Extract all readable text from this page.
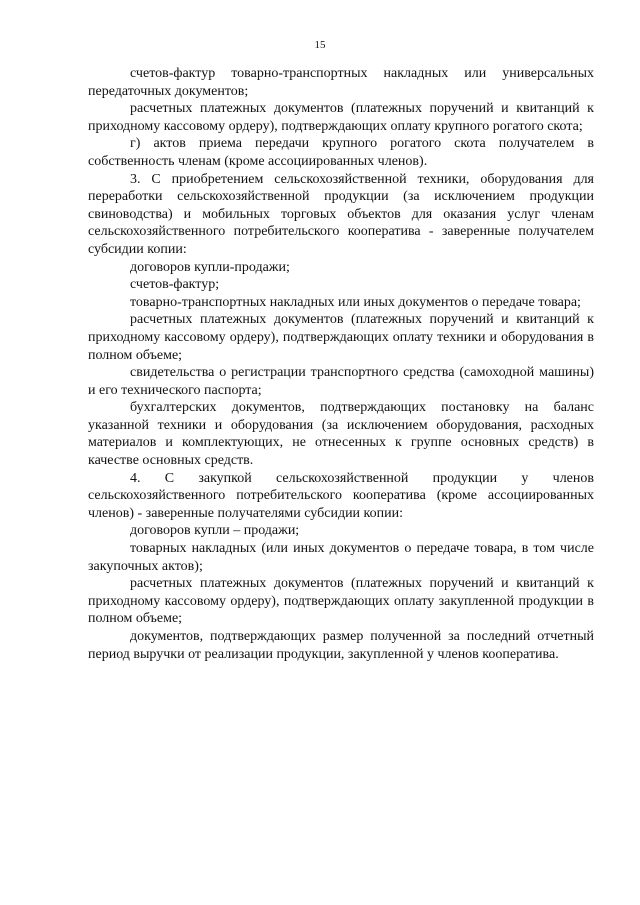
15

счетов-фактур товарно-транспортных накладных или универсальных передаточных документов;

расчетных платежных документов (платежных поручений и квитанций к приходному кассовому ордеру), подтверждающих оплату крупного рогатого скота;

г) актов приема передачи крупного рогатого скота получателем в собственность членам (кроме ассоциированных членов).

3. С приобретением сельскохозяйственной техники, оборудования для переработки сельскохозяйственной продукции (за исключением продукции свиноводства) и мобильных торговых объектов для оказания услуг членам сельскохозяйственного потребительского кооператива - заверенные получателем субсидии копии:

договоров купли-продажи;

счетов-фактур;

товарно-транспортных накладных или иных документов о передаче товара;

расчетных платежных документов (платежных поручений и квитанций к приходному кассовому ордеру), подтверждающих оплату техники и оборудования в полном объеме;

свидетельства о регистрации транспортного средства (самоходной машины) и его технического паспорта;

бухгалтерских документов, подтверждающих постановку на баланс указанной техники и оборудования (за исключением оборудования, расходных материалов и комплектующих, не отнесенных к группе основных средств) в качестве основных средств.

4. С закупкой сельскохозяйственной продукции у членов сельскохозяйственного потребительского кооператива (кроме ассоциированных членов) - заверенные получателями субсидии копии:

договоров купли – продажи;

товарных накладных (или иных документов о передаче товара, в том числе закупочных актов);

расчетных платежных документов (платежных поручений и квитанций к приходному кассовому ордеру), подтверждающих оплату закупленной продукции в полном объеме;

документов, подтверждающих размер полученной за последний отчетный период выручки от реализации продукции, закупленной у членов кооператива.
